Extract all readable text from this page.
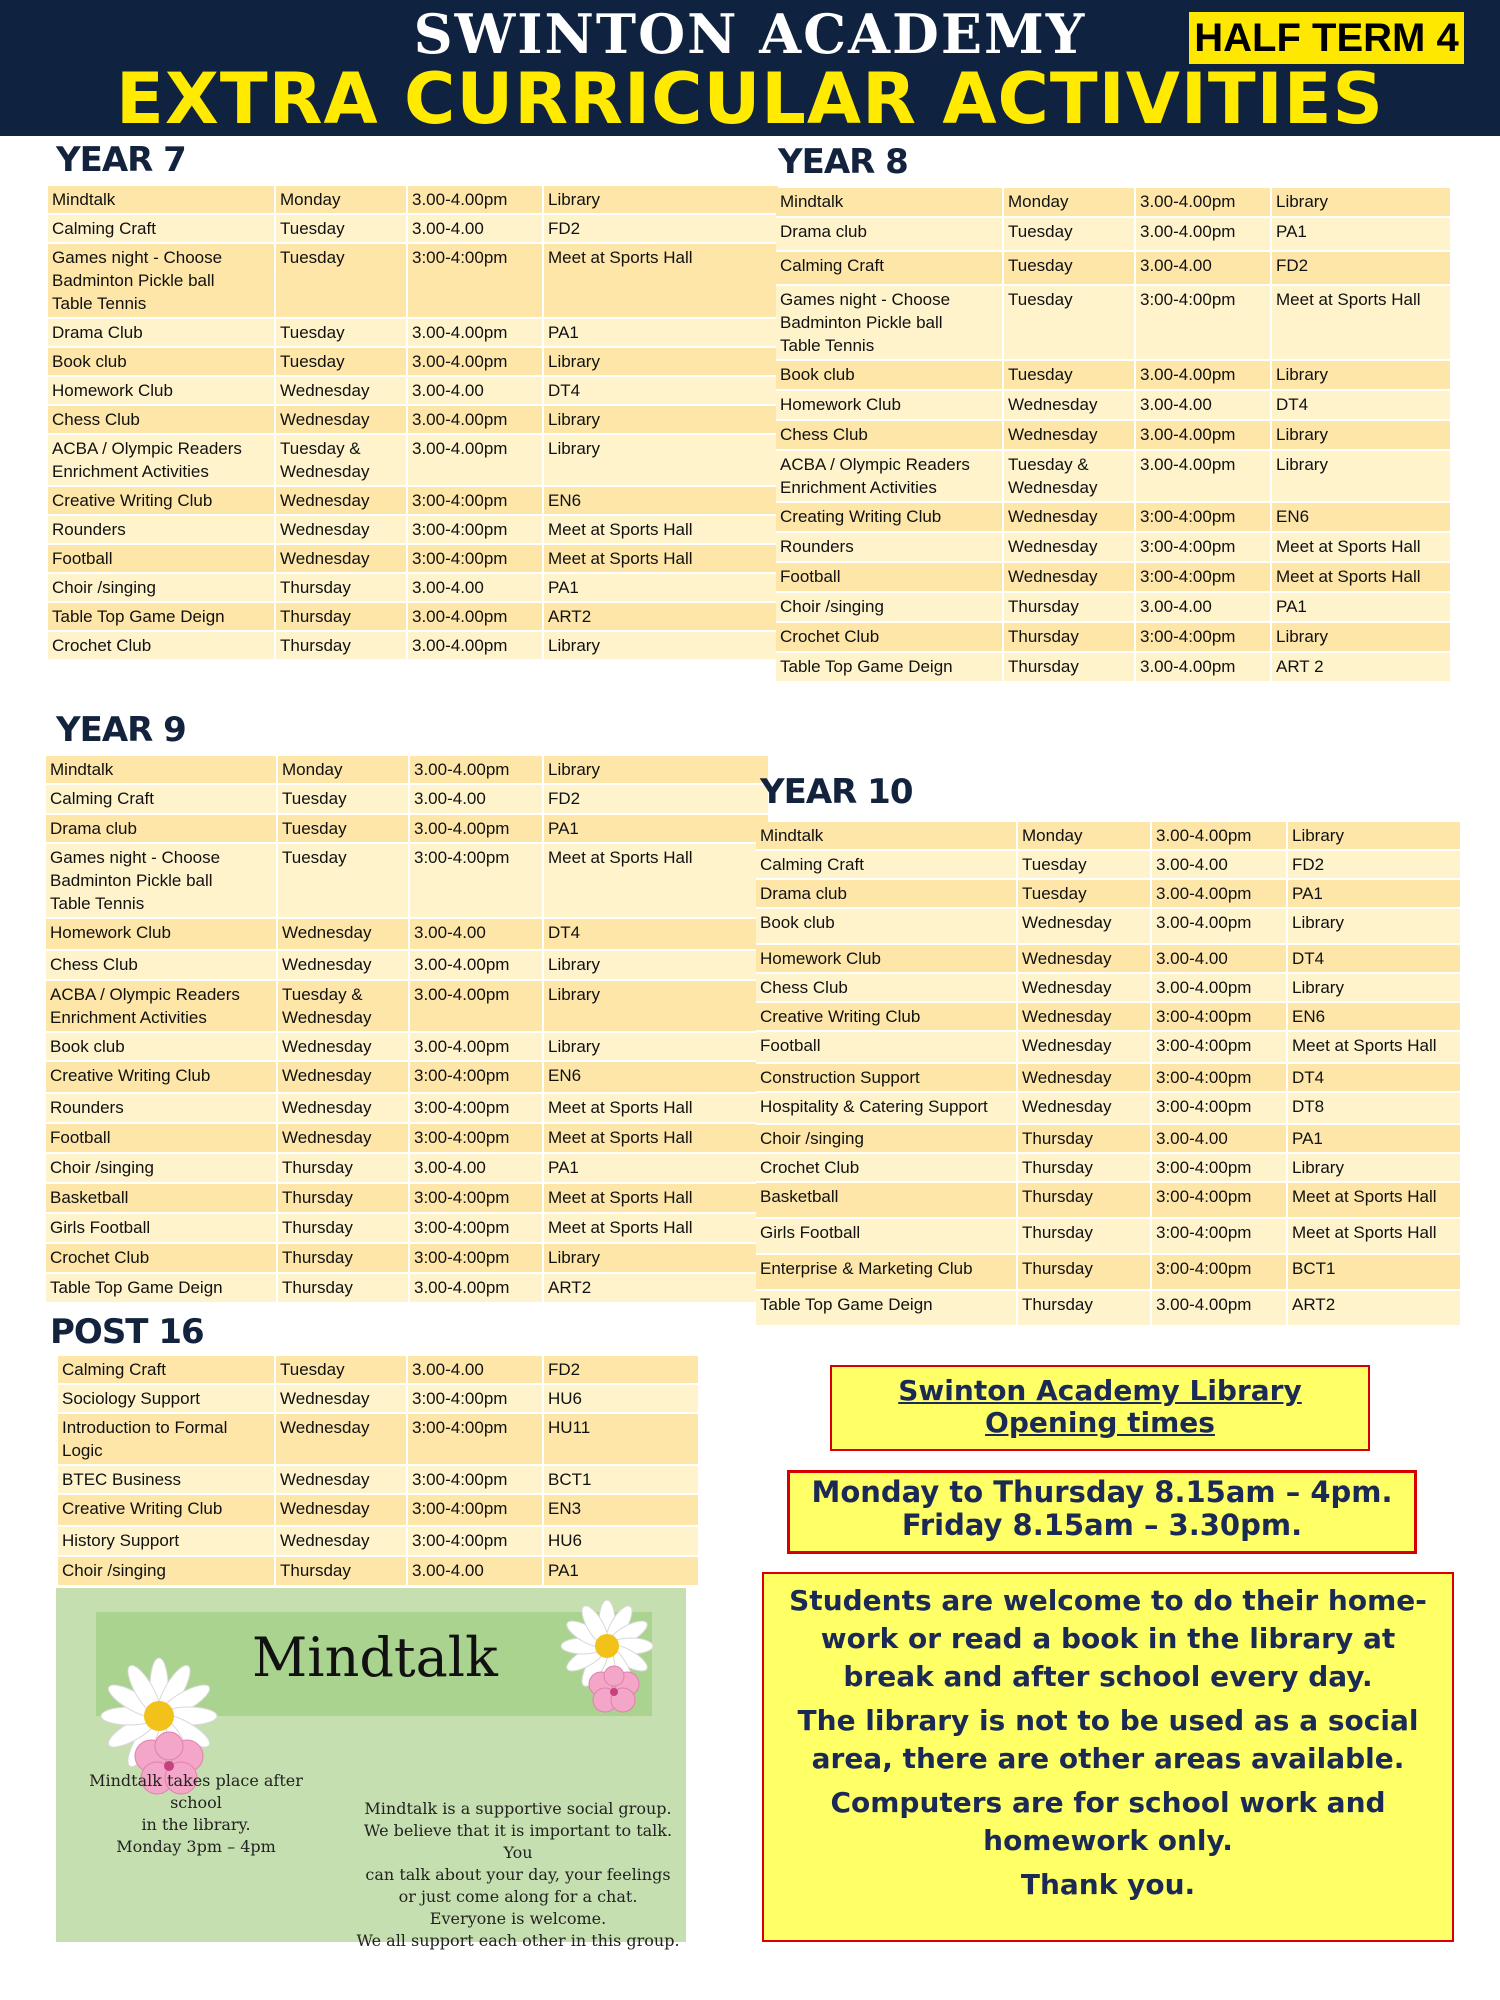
SWINTON ACADEMY	HALF TERM 4
EXTRA CURRICULAR ACTIVITIES
YEAR 7
Mindtalk	Monday	3.00-4.00pm	Library
Calming Craft	Tuesday	3.00-4.00	FD2
Games night - Choose
Badminton Pickle ball
Table Tennis	Tuesday	3:00-4:00pm	Meet at Sports Hall
Drama Club	Tuesday	3.00-4.00pm	PA1
Book club	Tuesday	3.00-4.00pm	Library
Homework Club	Wednesday	3.00-4.00	DT4
Chess Club	Wednesday	3.00-4.00pm	Library
ACBA / Olympic Readers
Enrichment Activities	Tuesday &
Wednesday	3.00-4.00pm	Library
Creative Writing Club	Wednesday	3:00-4:00pm	EN6
Rounders	Wednesday	3:00-4:00pm	Meet at Sports Hall
Football	Wednesday	3:00-4:00pm	Meet at Sports Hall
Choir /singing	Thursday	3.00-4.00	PA1
Table Top Game Deign	Thursday	3.00-4.00pm	ART2
Crochet Club	Thursday	3.00-4.00pm	Library
YEAR 8
Mindtalk	Monday	3.00-4.00pm	Library
Drama club	Tuesday	3.00-4.00pm	PA1
Calming Craft	Tuesday	3.00-4.00	FD2
Games night - Choose
Badminton Pickle ball
Table Tennis	Tuesday	3:00-4:00pm	Meet at Sports Hall
Book club	Tuesday	3.00-4.00pm	Library
Homework Club	Wednesday	3.00-4.00	DT4
Chess Club	Wednesday	3.00-4.00pm	Library
ACBA / Olympic Readers
Enrichment Activities	Tuesday &
Wednesday	3.00-4.00pm	Library
Creating Writing Club	Wednesday	3:00-4:00pm	EN6
Rounders	Wednesday	3:00-4:00pm	Meet at Sports Hall
Football	Wednesday	3:00-4:00pm	Meet at Sports Hall
Choir /singing	Thursday	3.00-4.00	PA1
Crochet Club	Thursday	3:00-4:00pm	Library
Table Top Game Deign	Thursday	3.00-4.00pm	ART 2
YEAR 9
Mindtalk	Monday	3.00-4.00pm	Library
Calming Craft	Tuesday	3.00-4.00	FD2
Drama club	Tuesday	3.00-4.00pm	PA1
Games night - Choose
Badminton Pickle ball
Table Tennis	Tuesday	3:00-4:00pm	Meet at Sports Hall
Homework Club	Wednesday	3.00-4.00	DT4
Chess Club	Wednesday	3.00-4.00pm	Library
ACBA / Olympic Readers
Enrichment Activities	Tuesday &
Wednesday	3.00-4.00pm	Library
Book club	Wednesday	3.00-4.00pm	Library
Creative Writing Club	Wednesday	3:00-4:00pm	EN6
Rounders	Wednesday	3:00-4:00pm	Meet at Sports Hall
Football	Wednesday	3:00-4:00pm	Meet at Sports Hall
Choir /singing	Thursday	3.00-4.00	PA1
Basketball	Thursday	3:00-4:00pm	Meet at Sports Hall
Girls Football	Thursday	3:00-4:00pm	Meet at Sports Hall
Crochet Club	Thursday	3:00-4:00pm	Library
Table Top Game Deign	Thursday	3.00-4.00pm	ART2
YEAR 10
Mindtalk	Monday	3.00-4.00pm	Library
Calming Craft	Tuesday	3.00-4.00	FD2
Drama club	Tuesday	3.00-4.00pm	PA1
Book club	Wednesday	3.00-4.00pm	Library
Homework Club	Wednesday	3.00-4.00	DT4
Chess Club	Wednesday	3.00-4.00pm	Library
Creative Writing Club	Wednesday	3:00-4:00pm	EN6
Football	Wednesday	3:00-4:00pm	Meet at Sports Hall
Construction Support	Wednesday	3:00-4:00pm	DT4
Hospitality & Catering Support	Wednesday	3:00-4:00pm	DT8
Choir /singing	Thursday	3.00-4.00	PA1
Crochet Club	Thursday	3:00-4:00pm	Library
Basketball	Thursday	3:00-4:00pm	Meet at Sports Hall
Girls Football	Thursday	3:00-4:00pm	Meet at Sports Hall
Enterprise & Marketing Club	Thursday	3:00-4:00pm	BCT1
Table Top Game Deign	Thursday	3.00-4.00pm	ART2
POST 16
Calming Craft	Tuesday	3.00-4.00	FD2
Sociology Support	Wednesday	3:00-4:00pm	HU6
Introduction to Formal
Logic	Wednesday	3:00-4:00pm	HU11
BTEC Business	Wednesday	3:00-4:00pm	BCT1
Creative Writing Club	Wednesday	3:00-4:00pm	EN3
History Support	Wednesday	3:00-4:00pm	HU6
Choir /singing	Thursday	3.00-4.00	PA1
Mindtalk
Mindtalk takes place after school
in the library.
Monday 3pm – 4pm
Mindtalk is a supportive social group.
We believe that it is important to talk. You
can talk about your day, your feelings
or just come along for a chat.
Everyone is welcome.
We all support each other in this group.
Swinton Academy Library
Opening times
Monday to Thursday 8.15am – 4pm.
Friday 8.15am – 3.30pm.

Students are welcome to do their home-work or read a book in the library at break and after school every day.

The library is not to be used as a social area, there are other areas available.

Computers are for school work and homework only.

Thank you.
